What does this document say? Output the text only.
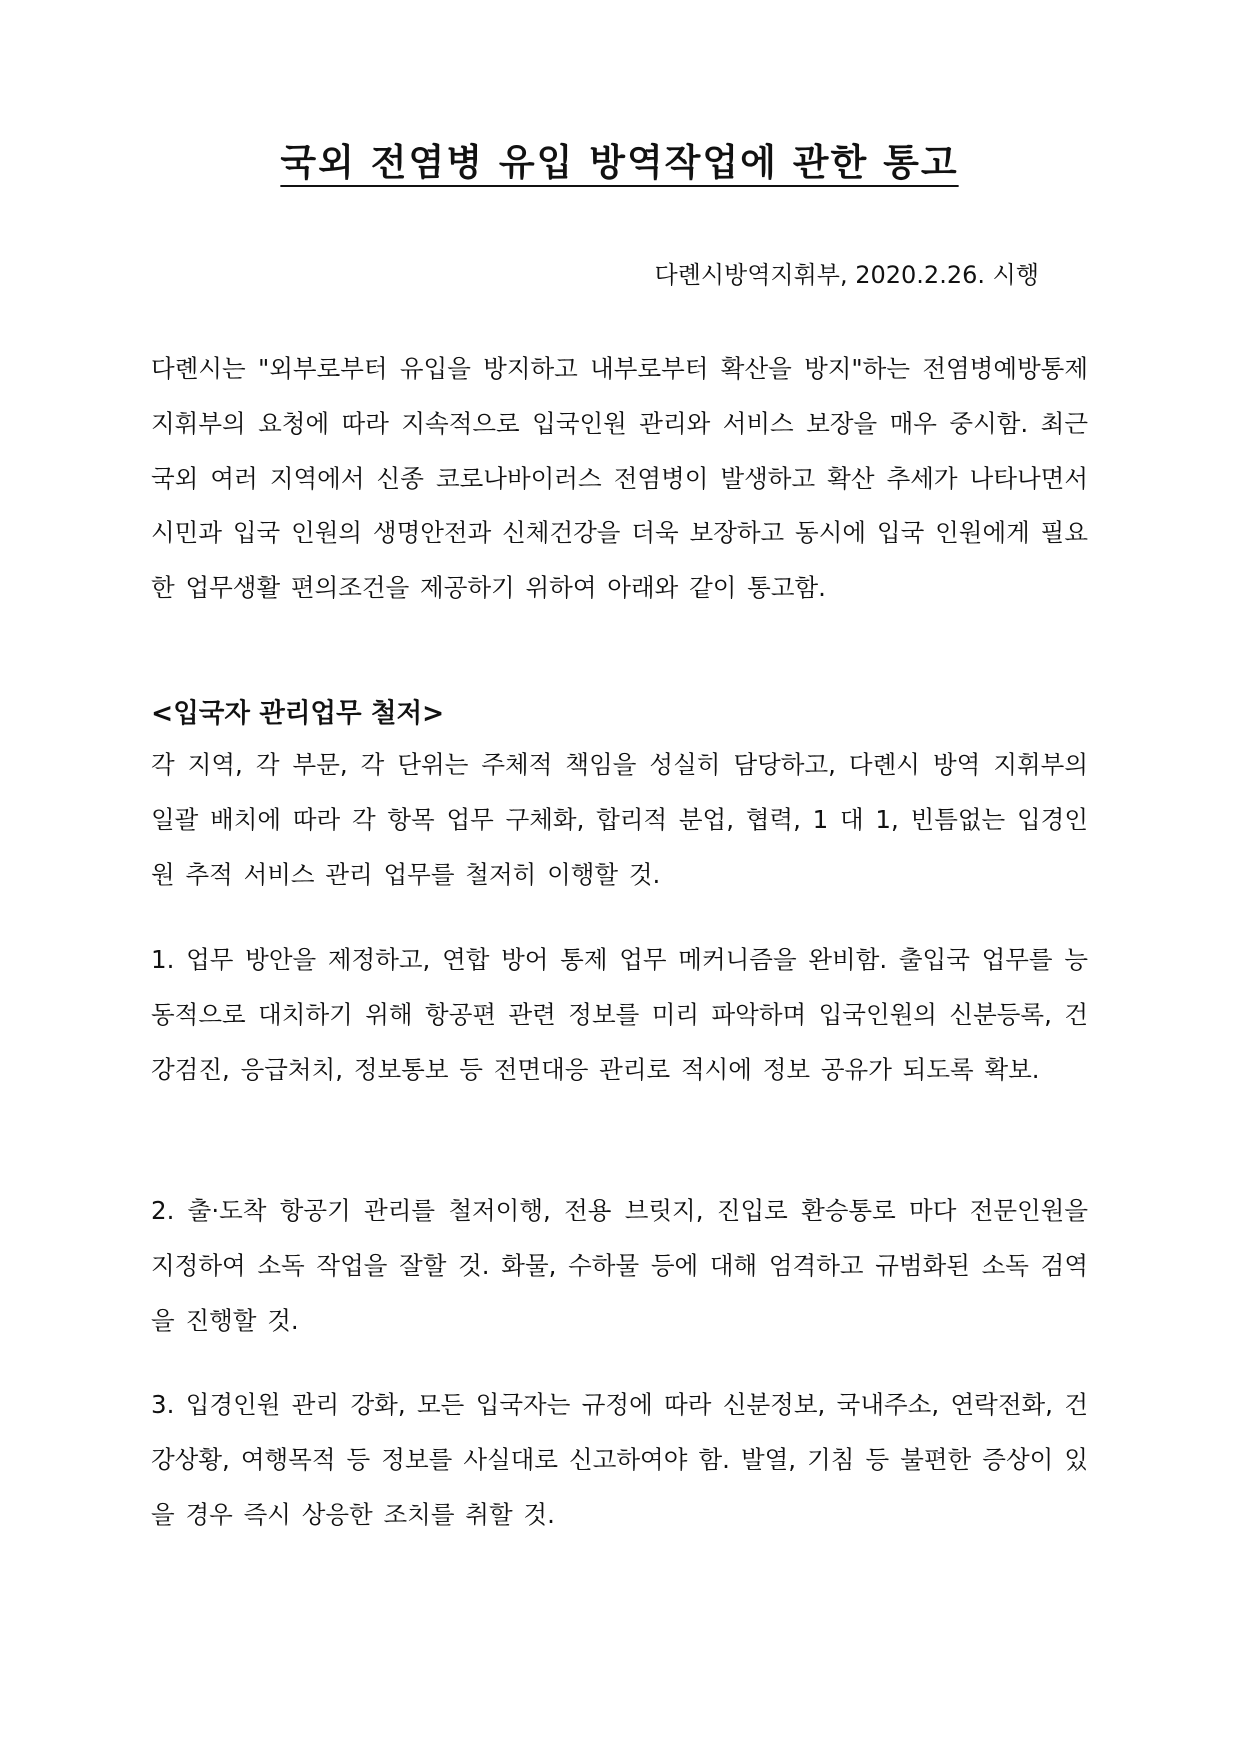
국외 전염병 유입 방역작업에 관한 통고
다롄시방역지휘부, 2020.2.26. 시행

다롄시는 "외부로부터 유입을 방지하고 내부로부터 확산을 방지"하는 전염병예방통제지휘부의 요청에 따라 지속적으로 입국인원 관리와 서비스 보장을 매우 중시함. 최근 국외 여러 지역에서 신종 코로나바이러스 전염병이 발생하고 확산 추세가 나타나면서 시민과 입국 인원의 생명안전과 신체건강을 더욱 보장하고 동시에 입국 인원에게 필요한 업무생활 편의조건을 제공하기 위하여 아래와 같이 통고함.

<입국자 관리업무 철저>

각 지역, 각 부문, 각 단위는 주체적 책임을 성실히 담당하고, 다롄시 방역 지휘부의 일괄 배치에 따라 각 항목 업무 구체화, 합리적 분업, 협력, 1 대 1, 빈틈없는 입경인원 추적 서비스 관리 업무를 철저히 이행할 것.

1. 업무 방안을 제정하고, 연합 방어 통제 업무 메커니즘을 완비함. 출입국 업무를 능동적으로 대치하기 위해 항공편 관련 정보를 미리 파악하며 입국인원의 신분등록, 건강검진, 응급처치, 정보통보 등 전면대응 관리로 적시에 정보 공유가 되도록 확보.

2. 출·도착 항공기 관리를 철저이행, 전용 브릿지, 진입로 환승통로 마다 전문인원을 지정하여 소독 작업을 잘할 것. 화물, 수하물 등에 대해 엄격하고 규범화된 소독 검역을 진행할 것.

3. 입경인원 관리 강화, 모든 입국자는 규정에 따라 신분정보, 국내주소, 연락전화, 건강상황, 여행목적 등 정보를 사실대로 신고하여야 함. 발열, 기침 등 불편한 증상이 있을 경우 즉시 상응한 조치를 취할 것.
